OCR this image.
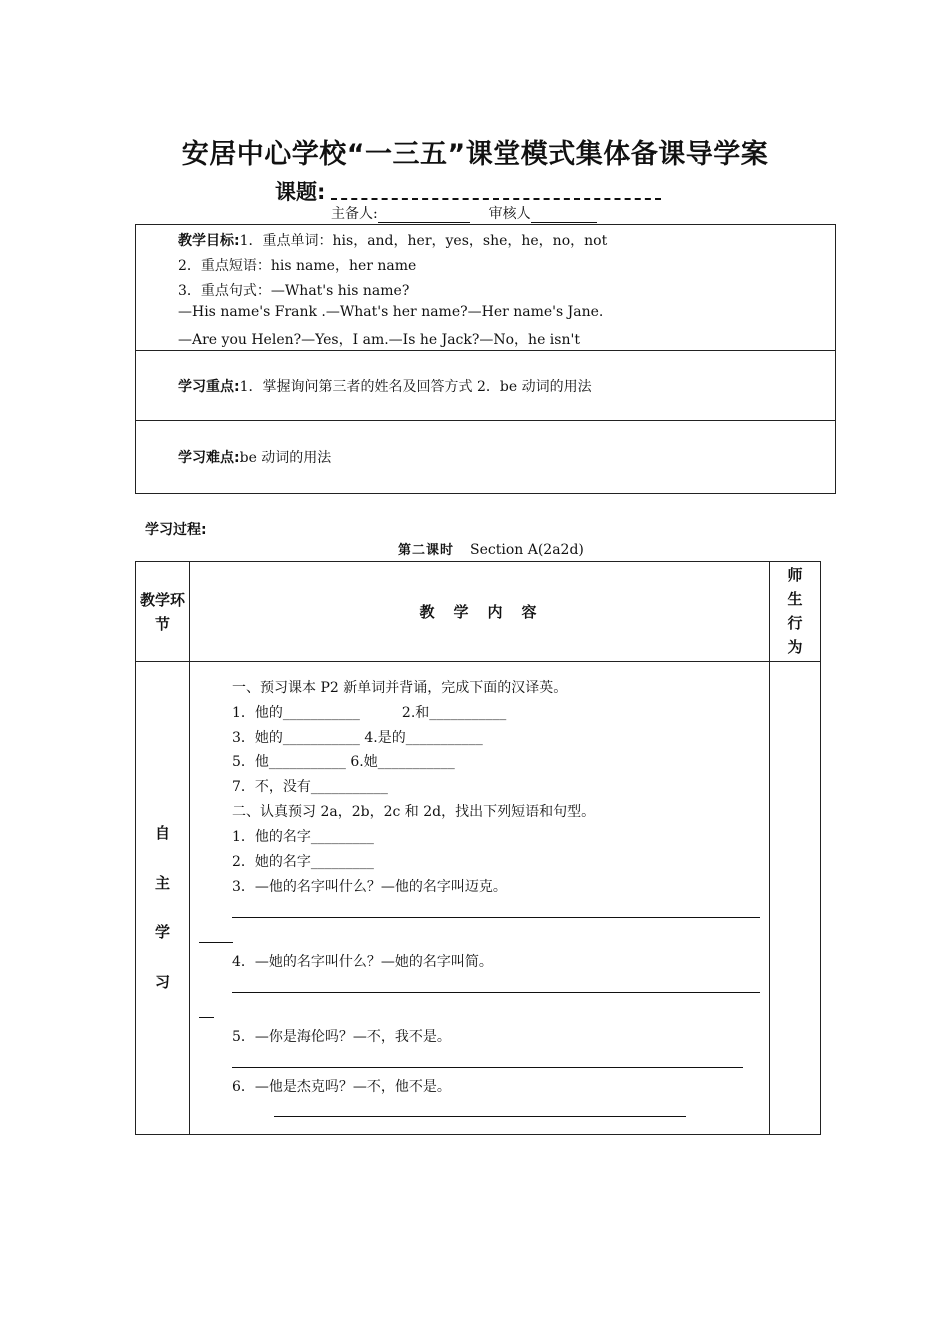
安居中心学校“一三五”课堂模式集体备课导学案
课题:
主备人:	审核人
教学目标:1．重点单词：his，and，her，yes，she，he，no，not
2．重点短语：his name，her name
3．重点句式：—What's his name?
—His name's Frank .—What's her name?—Her name's Jane.
—Are you Helen?—Yes，I am.—Is he Jack?—No，he isn't
学习重点:1．掌握询问第三者的姓名及回答方式 2．be 动词的用法
学习难点:be 动词的用法
学习过程:
第二课时 Section A(2a2d)
教学环节
教　学　内　容
师
生
行
为
自
主
学
习
一、预习课本 P2 新单词并背诵，完成下面的汉译英。
1．他的___________　　　2.和___________
3．她的___________ 4.是的___________
5．他___________ 6.她___________
7．不，没有___________
二、认真预习 2a，2b，2c 和 2d，找出下列短语和句型。
1．他的名字_________
2．她的名字_________
3．—他的名字叫什么？—他的名字叫迈克。
4．—她的名字叫什么？—她的名字叫简。
5．—你是海伦吗？—不，我不是。
6．—他是杰克吗？—不，他不是。
